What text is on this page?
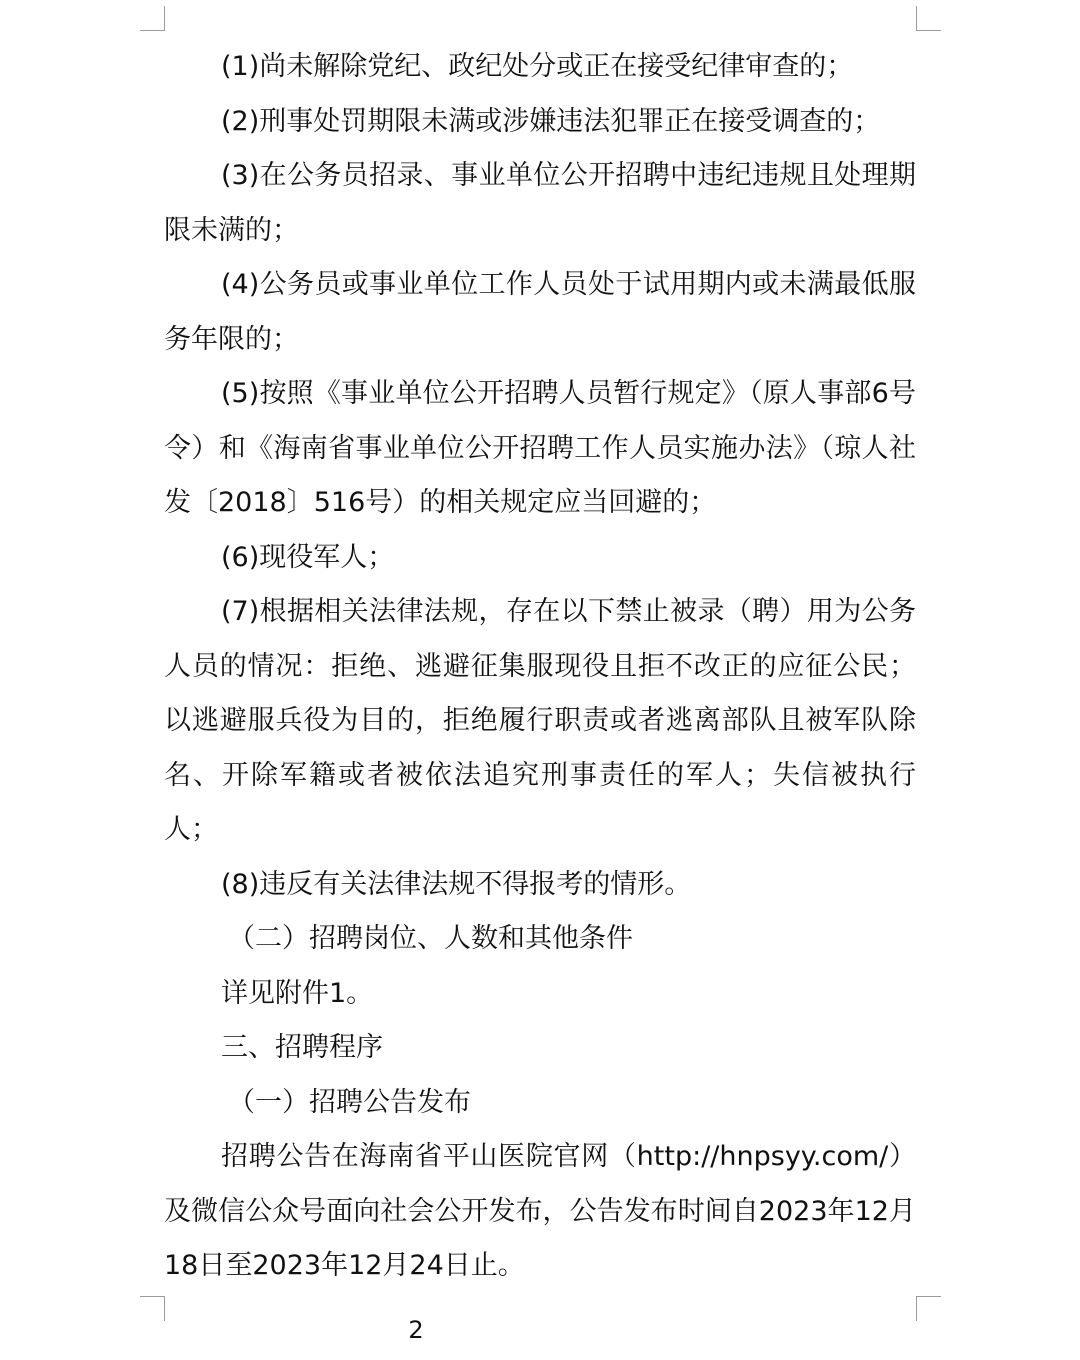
(1)尚未解除党纪、政纪处分或正在接受纪律审查的；

(2)刑事处罚期限未满或涉嫌违法犯罪正在接受调查的；

(3)在公务员招录、事业单位公开招聘中违纪违规且处理期限未满的；

(4)公务员或事业单位工作人员处于试用期内或未满最低服务年限的；

(5)按照《事业单位公开招聘人员暂行规定》（原人事部6号令）和《海南省事业单位公开招聘工作人员实施办法》（琼人社发〔2018〕516号）的相关规定应当回避的；

(6)现役军人；

(7)根据相关法律法规，存在以下禁止被录（聘）用为公务人员的情况：拒绝、逃避征集服现役且拒不改正的应征公民；以逃避服兵役为目的，拒绝履行职责或者逃离部队且被军队除名、开除军籍或者被依法追究刑事责任的军人；失信被执行人；

(8)违反有关法律法规不得报考的情形。

（二）招聘岗位、人数和其他条件

详见附件1。

三、招聘程序

（一）招聘公告发布

招聘公告在海南省平山医院官网（http://hnpsyy.com/）及微信公众号面向社会公开发布，公告发布时间自2023年12月18日至2023年12月24日止。

2
